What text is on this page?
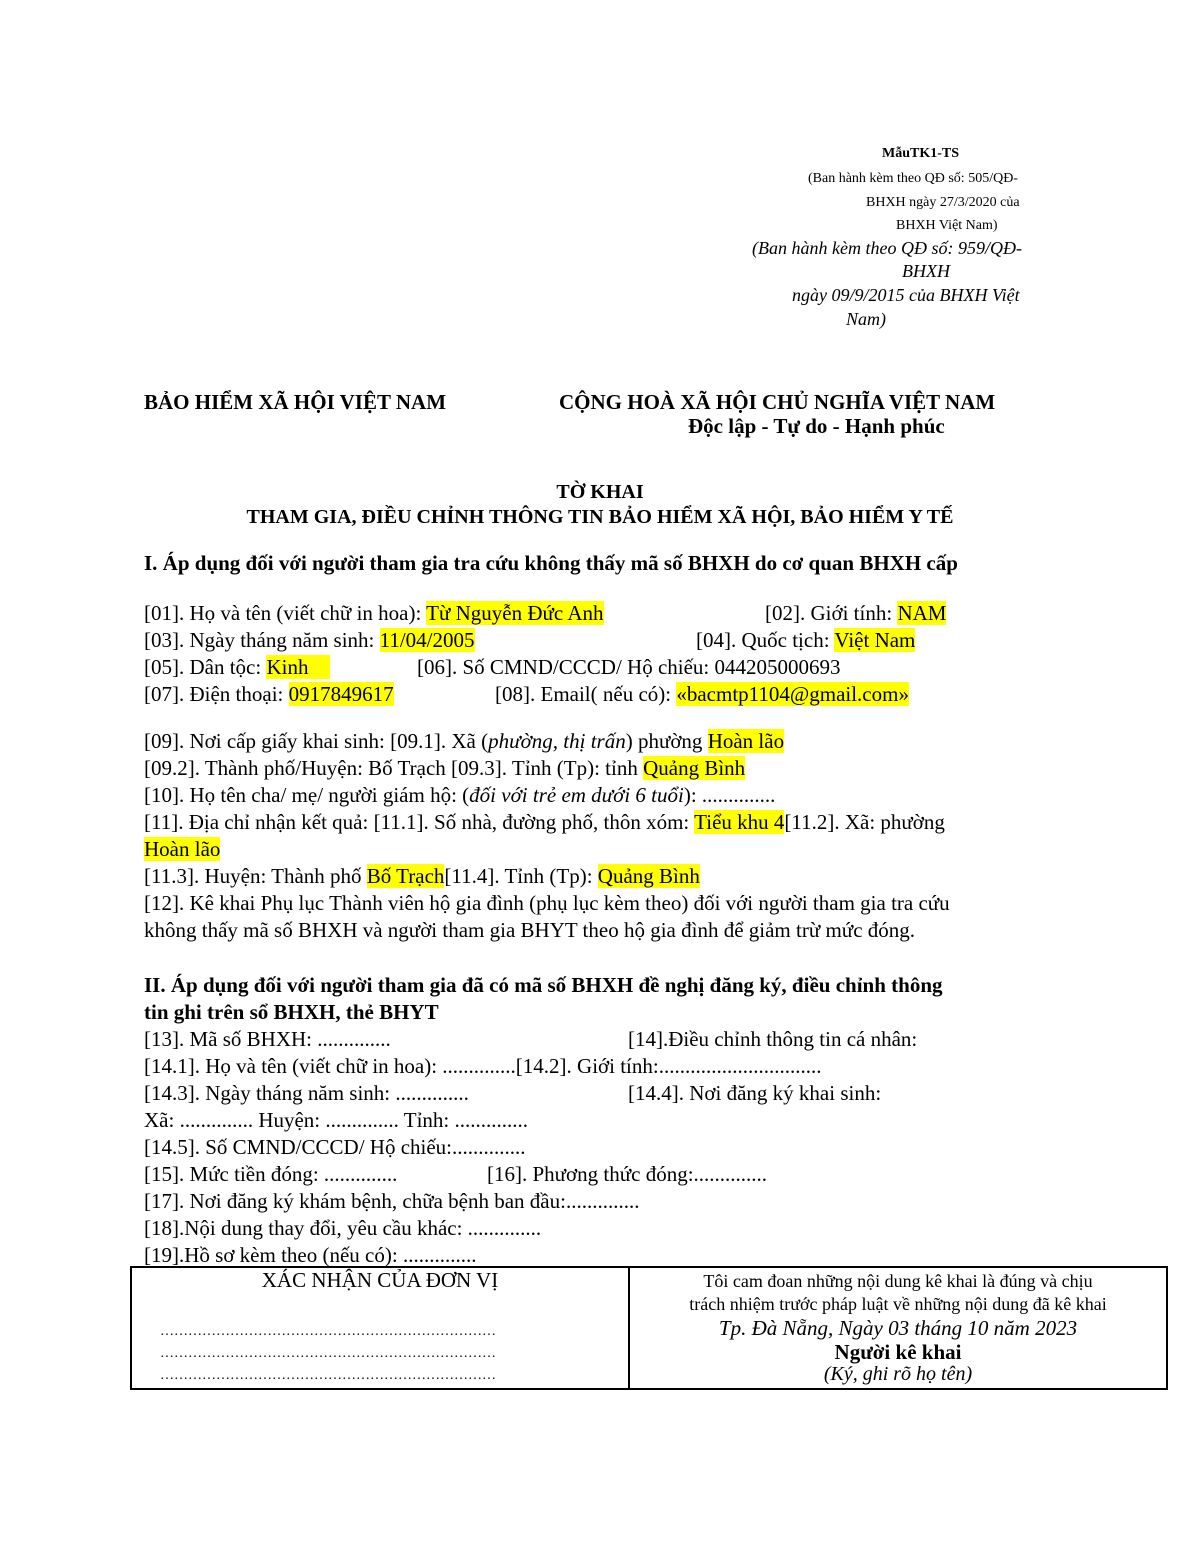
MẫuTK1-TS
(Ban hành kèm theo QĐ số: 505/QĐ-
BHXH ngày 27/3/2020 của
BHXH Việt Nam)
(Ban hành kèm theo QĐ số: 959/QĐ-
BHXH
ngày 09/9/2015 của BHXH Việt
Nam)
BẢO HIỂM XÃ HỘI VIỆT NAM	CỘNG HOÀ XÃ HỘI CHỦ NGHĨA VIỆT NAM
Độc lập - Tự do - Hạnh phúc
TỜ KHAI
THAM GIA, ĐIỀU CHỈNH THÔNG TIN BẢO HIỂM XÃ HỘI, BẢO HIỂM Y TẾ
I. Áp dụng đối với người tham gia tra cứu không thấy mã số BHXH do cơ quan BHXH cấp
[01]. Họ và tên (viết chữ in hoa): Từ Nguyễn Đức Anh	[02]. Giới tính: NAM
[03]. Ngày tháng năm sinh: 11/04/2005	[04]. Quốc tịch: Việt Nam
[05]. Dân tộc: Kinh	[06]. Số CMND/CCCD/ Hộ chiếu: 044205000693
[07]. Điện thoại: 0917849617	[08]. Email( nếu có): «bacmtp1104@gmail.com»
[09]. Nơi cấp giấy khai sinh: [09.1]. Xã (phường, thị trấn) phường Hoàn lão
[09.2]. Thành phố/Huyện: Bố Trạch [09.3]. Tỉnh (Tp): tỉnh Quảng Bình
[10]. Họ tên cha/ mẹ/ người giám hộ: (đối với trẻ em dưới 6 tuổi): ..............
[11]. Địa chỉ nhận kết quả: [11.1]. Số nhà, đường phố, thôn xóm: Tiểu khu 4[11.2]. Xã: phường
Hoàn lão
[11.3]. Huyện: Thành phố Bố Trạch[11.4]. Tỉnh (Tp): Quảng Bình
[12]. Kê khai Phụ lục Thành viên hộ gia đình (phụ lục kèm theo) đối với người tham gia tra cứu
không thấy mã số BHXH và người tham gia BHYT theo hộ gia đình để giảm trừ mức đóng.
II. Áp dụng đối với người tham gia đã có mã số BHXH đề nghị đăng ký, điều chỉnh thông
tin ghi trên sổ BHXH, thẻ BHYT
[13]. Mã số BHXH: ..............	[14].Điều chỉnh thông tin cá nhân:
[14.1]. Họ và tên (viết chữ in hoa): ..............[14.2]. Giới tính:...............................
[14.3]. Ngày tháng năm sinh: ..............	[14.4]. Nơi đăng ký khai sinh:
Xã: .............. Huyện: .............. Tỉnh: ..............
[14.5]. Số CMND/CCCD/ Hộ chiếu:..............
[15]. Mức tiền đóng: ..............	[16]. Phương thức đóng:..............
[17]. Nơi đăng ký khám bệnh, chữa bệnh ban đầu:..............
[18].Nội dung thay đổi, yêu cầu khác: ..............
[19].Hồ sơ kèm theo (nếu có): ..............
XÁC NHẬN CỦA ĐƠN VỊ
………………………………………………………………
………………………………………………………………
………………………………………………………………
Tôi cam đoan những nội dung kê khai là đúng và chịu
trách nhiệm trước pháp luật về những nội dung đã kê khai
Tp. Đà Nẵng, Ngày 03 tháng 10 năm 2023
Người kê khai
(Ký, ghi rõ họ tên)
